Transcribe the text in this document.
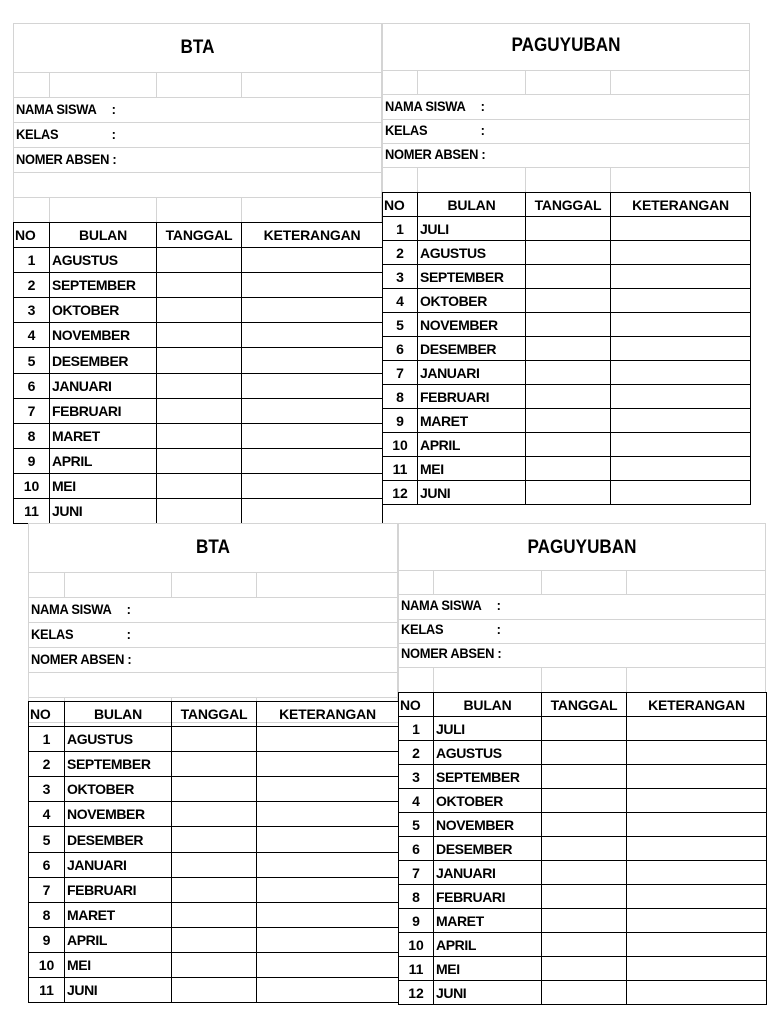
BTA
NAMA SISWA :
KELAS	:
NOMER ABSEN :
NO	BULAN	TANGGAL	KETERANGAN
1	AGUSTUS		
2	SEPTEMBER		
3	OKTOBER		
4	NOVEMBER		
5	DESEMBER		
6	JANUARI		
7	FEBRUARI		
8	MARET		
9	APRIL		
10	MEI		
11	JUNI		
PAGUYUBAN
NAMA SISWA :
KELAS	:
NOMER ABSEN :
NO	BULAN	TANGGAL	KETERANGAN
1	JULI		
2	AGUSTUS		
3	SEPTEMBER		
4	OKTOBER		
5	NOVEMBER		
6	DESEMBER		
7	JANUARI		
8	FEBRUARI		
9	MARET		
10	APRIL		
11	MEI		
12	JUNI		
BTA
NAMA SISWA :
KELAS	:
NOMER ABSEN :
NO	BULAN	TANGGAL	KETERANGAN
1	AGUSTUS		
2	SEPTEMBER		
3	OKTOBER		
4	NOVEMBER		
5	DESEMBER		
6	JANUARI		
7	FEBRUARI		
8	MARET		
9	APRIL		
10	MEI		
11	JUNI		
PAGUYUBAN
NAMA SISWA :
KELAS	:
NOMER ABSEN :
NO	BULAN	TANGGAL	KETERANGAN
1	JULI		
2	AGUSTUS		
3	SEPTEMBER		
4	OKTOBER		
5	NOVEMBER		
6	DESEMBER		
7	JANUARI		
8	FEBRUARI		
9	MARET		
10	APRIL		
11	MEI		
12	JUNI		
